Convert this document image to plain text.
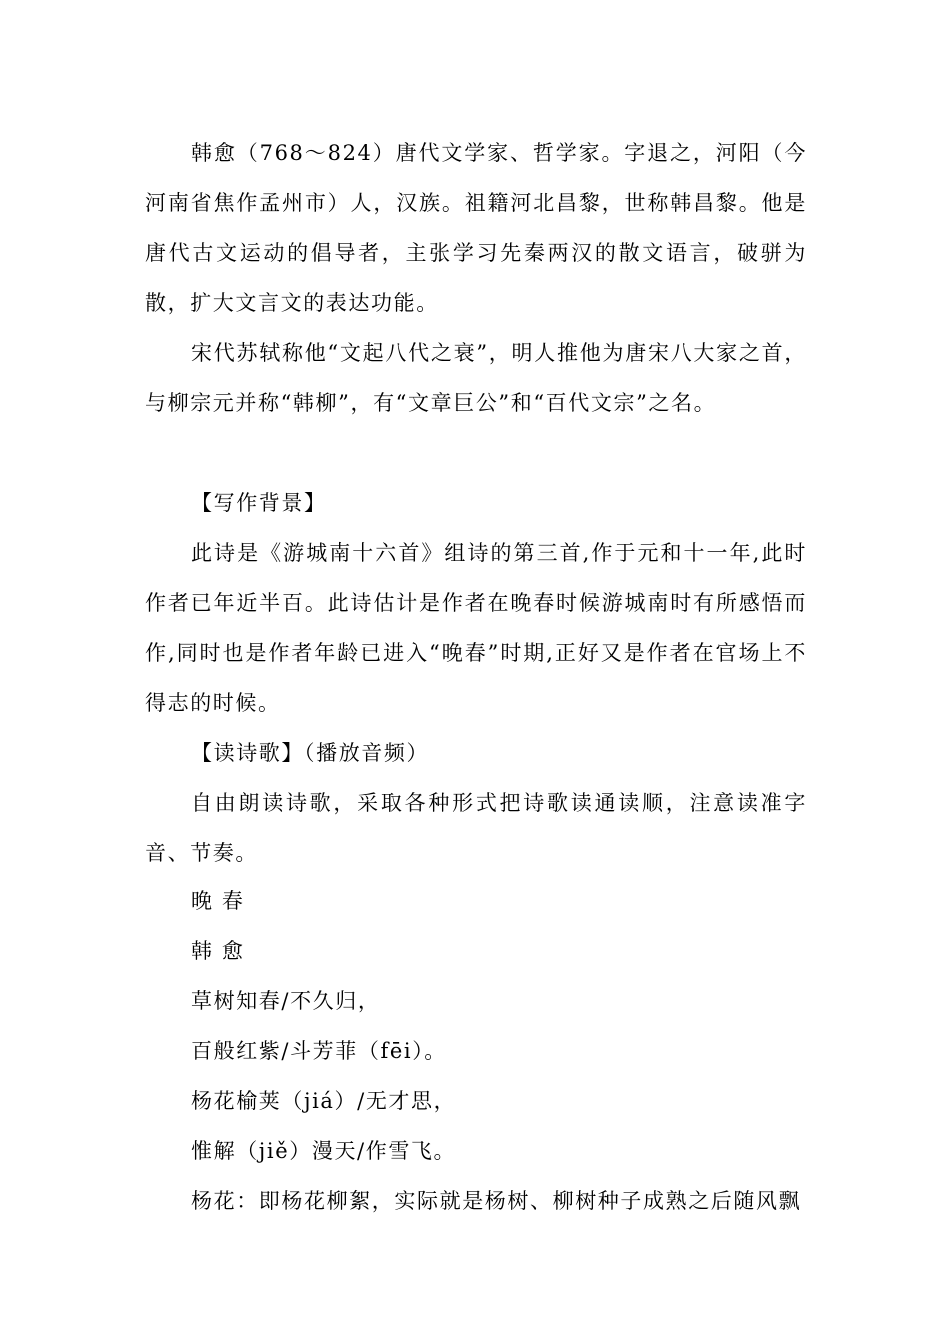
韩愈（768～824）唐代文学家、哲学家。字退之，河阳（今河南省焦作孟州市）人，汉族。祖籍河北昌黎，世称韩昌黎。他是唐代古文运动的倡导者，主张学习先秦两汉的散文语言，破骈为散，扩大文言文的表达功能。

宋代苏轼称他“文起八代之衰”，明人推他为唐宋八大家之首，与柳宗元并称“韩柳”，有“文章巨公”和“百代文宗”之名。

【写作背景】

此诗是《游城南十六首》组诗的第三首,作于元和十一年,此时作者已年近半百。此诗估计是作者在晚春时候游城南时有所感悟而作,同时也是作者年龄已进入“晚春”时期,正好又是作者在官场上不得志的时候。

【读诗歌】（播放音频）

自由朗读诗歌，采取各种形式把诗歌读通读顺，注意读准字音、节奏。

晚 春

韩 愈

草树知春/不久归，

百般红紫/斗芳菲（fēi）。

杨花榆荚（jiá）/无才思，

惟解（jiě）漫天/作雪飞。

杨花：即杨花柳絮，实际就是杨树、柳树种子成熟之后随风飘
